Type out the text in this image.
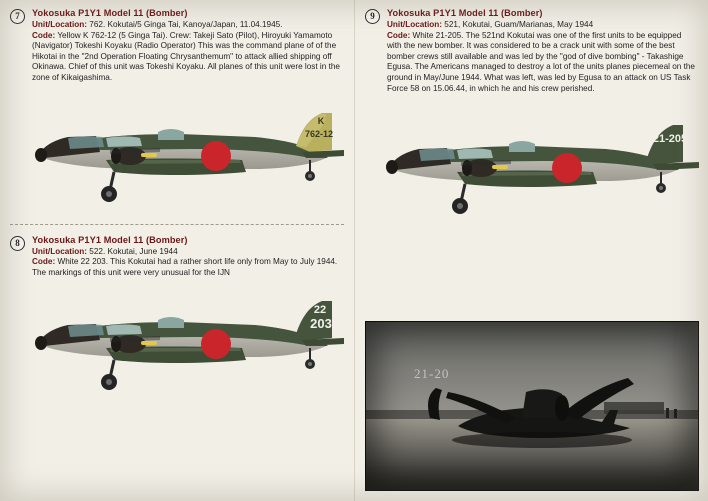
7	Yokosuka P1Y1 Model 11 (Bomber)
Unit/Location: 762. Kokutai/5 Ginga Tai, Kanoya/Japan, 11.04.1945.
Code: Yellow K 762-12 (5 Ginga Tai). Crew: Takeji Sato (Pilot), Hiroyuki Yamamoto (Navigator) Tokeshi Koyaku (Radio Operator) This was the command plane of of the Hikotai in the "2nd Operation Floating Chrysanthemum" to attack allied shipping off Okinawa. Chief of this unit was Tokeshi Koyaku. All planes of this unit were lost in the zone of Kikaigashima.
K
762-12
8	Yokosuka P1Y1 Model 11 (Bomber)
Unit/Location: 522. Kokutai, June 1944
Code: White 22 203. This Kokutai had a rather short life only from May to July 1944. The markings of this unit were very unusual for the IJN
22
203
9	Yokosuka P1Y1 Model 11 (Bomber)
Unit/Location: 521, Kokutai, Guam/Marianas, May 1944
Code: White 21-205. The 521nd Kokutai was one of the first units to be equipped with the new bomber. It was considered to be a crack unit with some of the best bomber crews still available and was led by the "god of dive bombing" - Takashige Egusa. The Americans managed to destroy a lot of the units planes piecemeal on the ground in May/June 1944. What was left, was led by Egusa to an attack on US Task Force 58 on 15.06.44, in which he and his crew perished.
21-205
21-20
